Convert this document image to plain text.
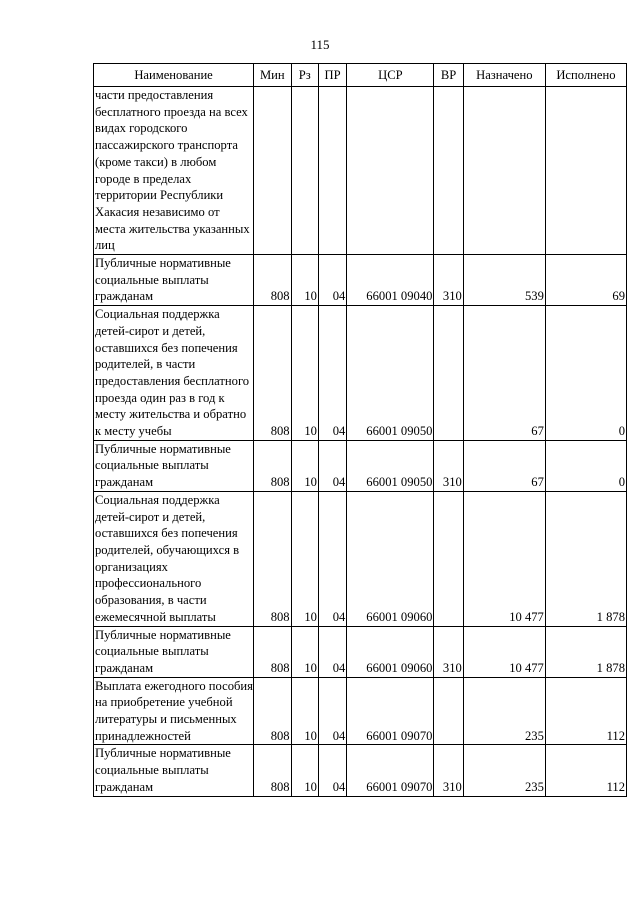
115
Наименование	Мин	Рз	ПР	ЦСР	ВР	Назначено	Исполнено
части предоставления бесплатного проезда на всех видах городского пассажирского транспорта (кроме такси) в любом городе в пределах территории Республики Хакасия независимо от места жительства указанных лиц							
Публичные нормативные социальные выплаты гражданам	808	10	04	66001 09040	310	539	69
Социальная поддержка детей-сирот и детей, оставшихся без попечения родителей, в части предоставления бесплатного проезда один раз в год к месту жительства и обратно к месту учебы	808	10	04	66001 09050		67	0
Публичные нормативные социальные выплаты гражданам	808	10	04	66001 09050	310	67	0
Социальная поддержка детей-сирот и детей, оставшихся без попечения родителей, обучающихся в организациях профессионального образования, в части ежемесячной выплаты	808	10	04	66001 09060		10 477	1 878
Публичные нормативные социальные выплаты гражданам	808	10	04	66001 09060	310	10 477	1 878
Выплата ежегодного пособия на приобретение учебной литературы и письменных принадлежностей	808	10	04	66001 09070		235	112
Публичные нормативные социальные выплаты гражданам	808	10	04	66001 09070	310	235	112
